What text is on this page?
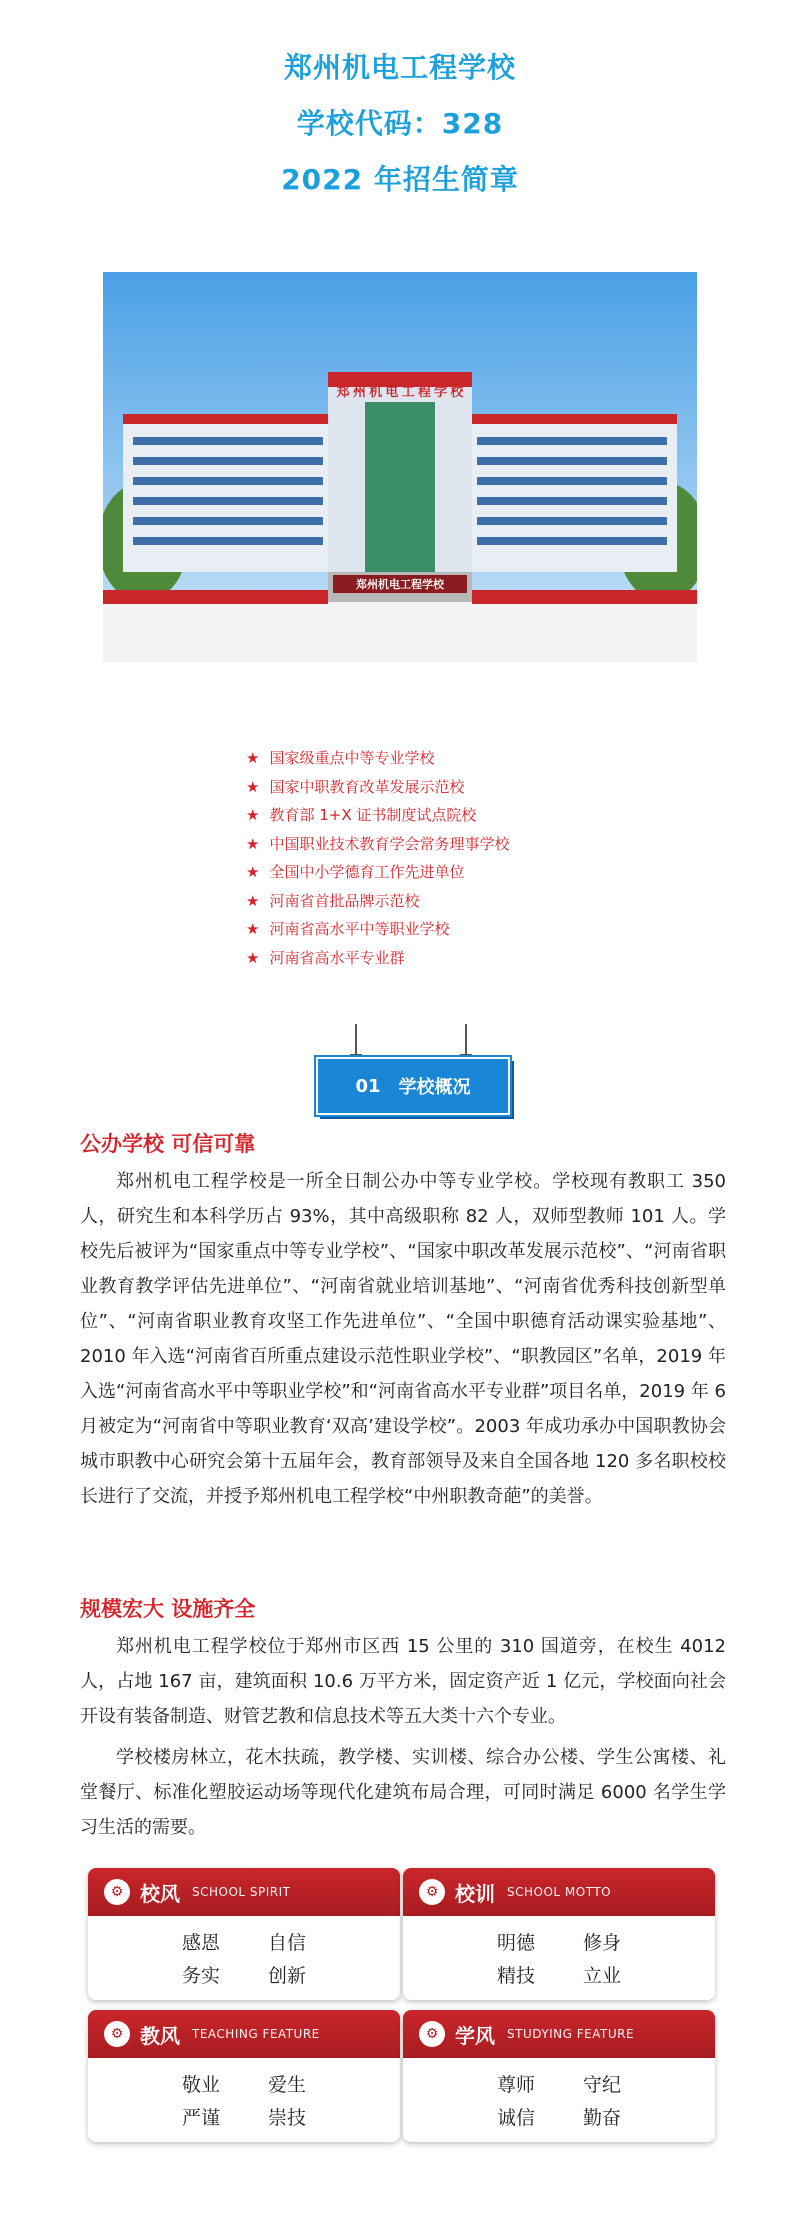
郑州机电工程学校
学校代码：328
2022 年招生简章
郑 州 机 电 工 程 学 校
郑州机电工程学校
★ 国家级重点中等专业学校
★ 国家中职教育改革发展示范校
★ 教育部 1+X 证书制度试点院校
★ 中国职业技术教育学会常务理事学校
★ 全国中小学德育工作先进单位
★ 河南省首批品牌示范校
★ 河南省高水平中等职业学校
★ 河南省高水平专业群
01 学校概况
公办学校 可信可靠
郑州机电工程学校是一所全日制公办中等专业学校。学校现有教职工 350 人，研究生和本科学历占 93%，其中高级职称 82 人，双师型教师 101 人。学校先后被评为“国家重点中等专业学校”、“国家中职改革发展示范校”、“河南省职业教育教学评估先进单位”、“河南省就业培训基地”、“河南省优秀科技创新型单位”、“河南省职业教育攻坚工作先进单位”、“全国中职德育活动课实验基地”、2010 年入选“河南省百所重点建设示范性职业学校”、“职教园区”名单，2019 年入选“河南省高水平中等职业学校”和“河南省高水平专业群”项目名单，2019 年 6 月被定为“河南省中等职业教育‘双高’建设学校”。2003 年成功承办中国职教协会城市职教中心研究会第十五届年会，教育部领导及来自全国各地 120 多名职校校长进行了交流，并授予郑州机电工程学校“中州职教奇葩”的美誉。
规模宏大 设施齐全
郑州机电工程学校位于郑州市区西 15 公里的 310 国道旁，在校生 4012 人，占地 167 亩，建筑面积 10.6 万平方米，固定资产近 1 亿元，学校面向社会开设有装备制造、财管艺教和信息技术等五大类十六个专业。
学校楼房林立，花木扶疏，教学楼、实训楼、综合办公楼、学生公寓楼、礼堂餐厅、标准化塑胶运动场等现代化建筑布局合理，可同时满足 6000 名学生学习生活的需要。
⚙ 校风 SCHOOL SPIRIT
感恩	自信
务实	创新
⚙ 校训 SCHOOL MOTTO
明德	修身
精技	立业
⚙ 教风 TEACHING FEATURE
敬业	爱生
严谨	崇技
⚙ 学风 STUDYING FEATURE
尊师	守纪
诚信	勤奋
